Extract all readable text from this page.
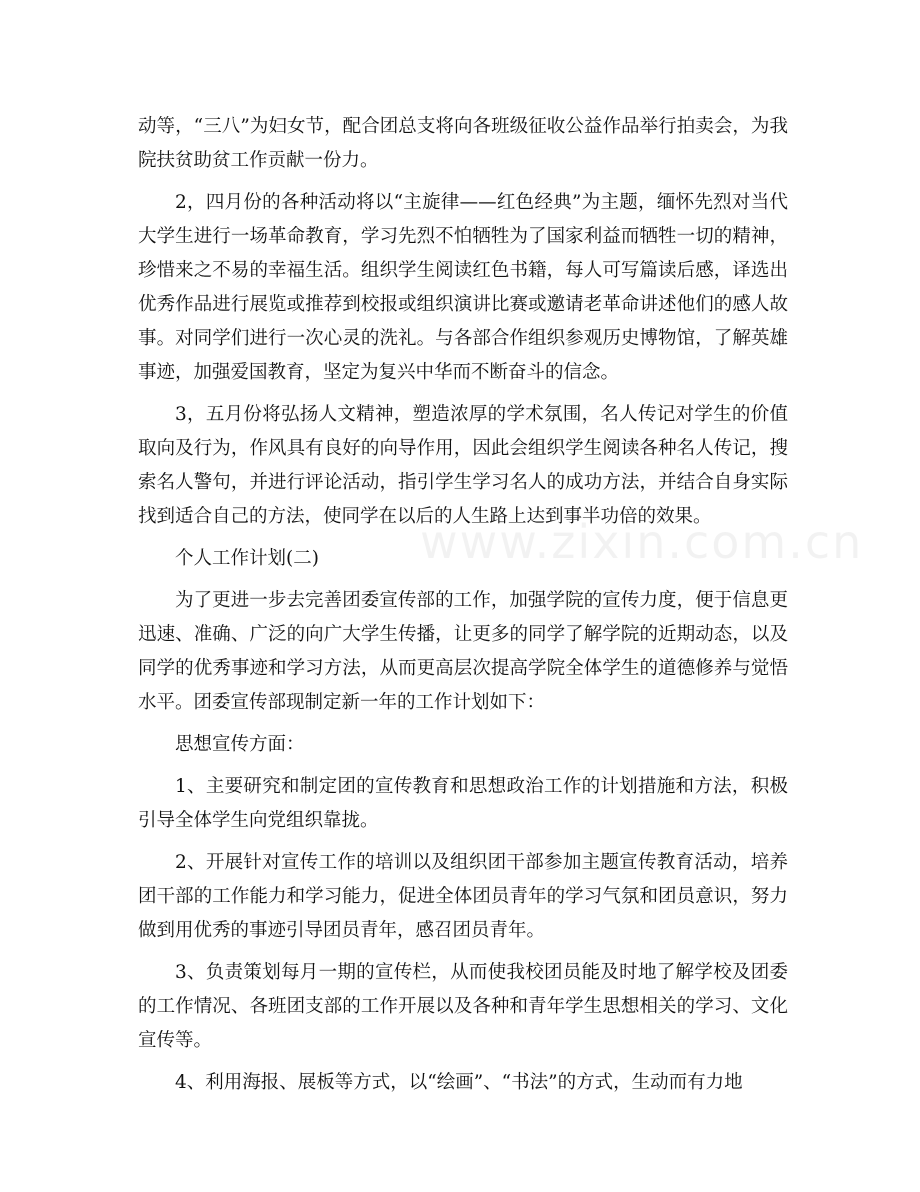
动等，“三八”为妇女节，配合团总支将向各班级征收公益作品举行拍卖会，为我院扶贫助贫工作贡献一份力。

2，四月份的各种活动将以“主旋律——红色经典”为主题，缅怀先烈对当代大学生进行一场革命教育，学习先烈不怕牺牲为了国家利益而牺牲一切的精神，珍惜来之不易的幸福生活。组织学生阅读红色书籍，每人可写篇读后感，译选出优秀作品进行展览或推荐到校报或组织演讲比赛或邀请老革命讲述他们的感人故事。对同学们进行一次心灵的洗礼。与各部合作组织参观历史博物馆，了解英雄事迹，加强爱国教育，坚定为复兴中华而不断奋斗的信念。

3，五月份将弘扬人文精神，塑造浓厚的学术氛围，名人传记对学生的价值取向及行为，作风具有良好的向导作用，因此会组织学生阅读各种名人传记，搜索名人警句，并进行评论活动，指引学生学习名人的成功方法，并结合自身实际找到适合自己的方法，使同学在以后的人生路上达到事半功倍的效果。

个人工作计划(二)

为了更进一步去完善团委宣传部的工作，加强学院的宣传力度，便于信息更迅速、准确、广泛的向广大学生传播，让更多的同学了解学院的近期动态，以及同学的优秀事迹和学习方法，从而更高层次提高学院全体学生的道德修养与觉悟水平。团委宣传部现制定新一年的工作计划如下：

思想宣传方面：

1、主要研究和制定团的宣传教育和思想政治工作的计划措施和方法，积极引导全体学生向党组织靠拢。

2、开展针对宣传工作的培训以及组织团干部参加主题宣传教育活动，培养团干部的工作能力和学习能力，促进全体团员青年的学习气氛和团员意识，努力做到用优秀的事迹引导团员青年，感召团员青年。

3、负责策划每月一期的宣传栏，从而使我校团员能及时地了解学校及团委的工作情况、各班团支部的工作开展以及各种和青年学生思想相关的学习、文化宣传等。

4、利用海报、展板等方式，以“绘画”、“书法”的方式，生动而有力地

www.zixin.com.cn
